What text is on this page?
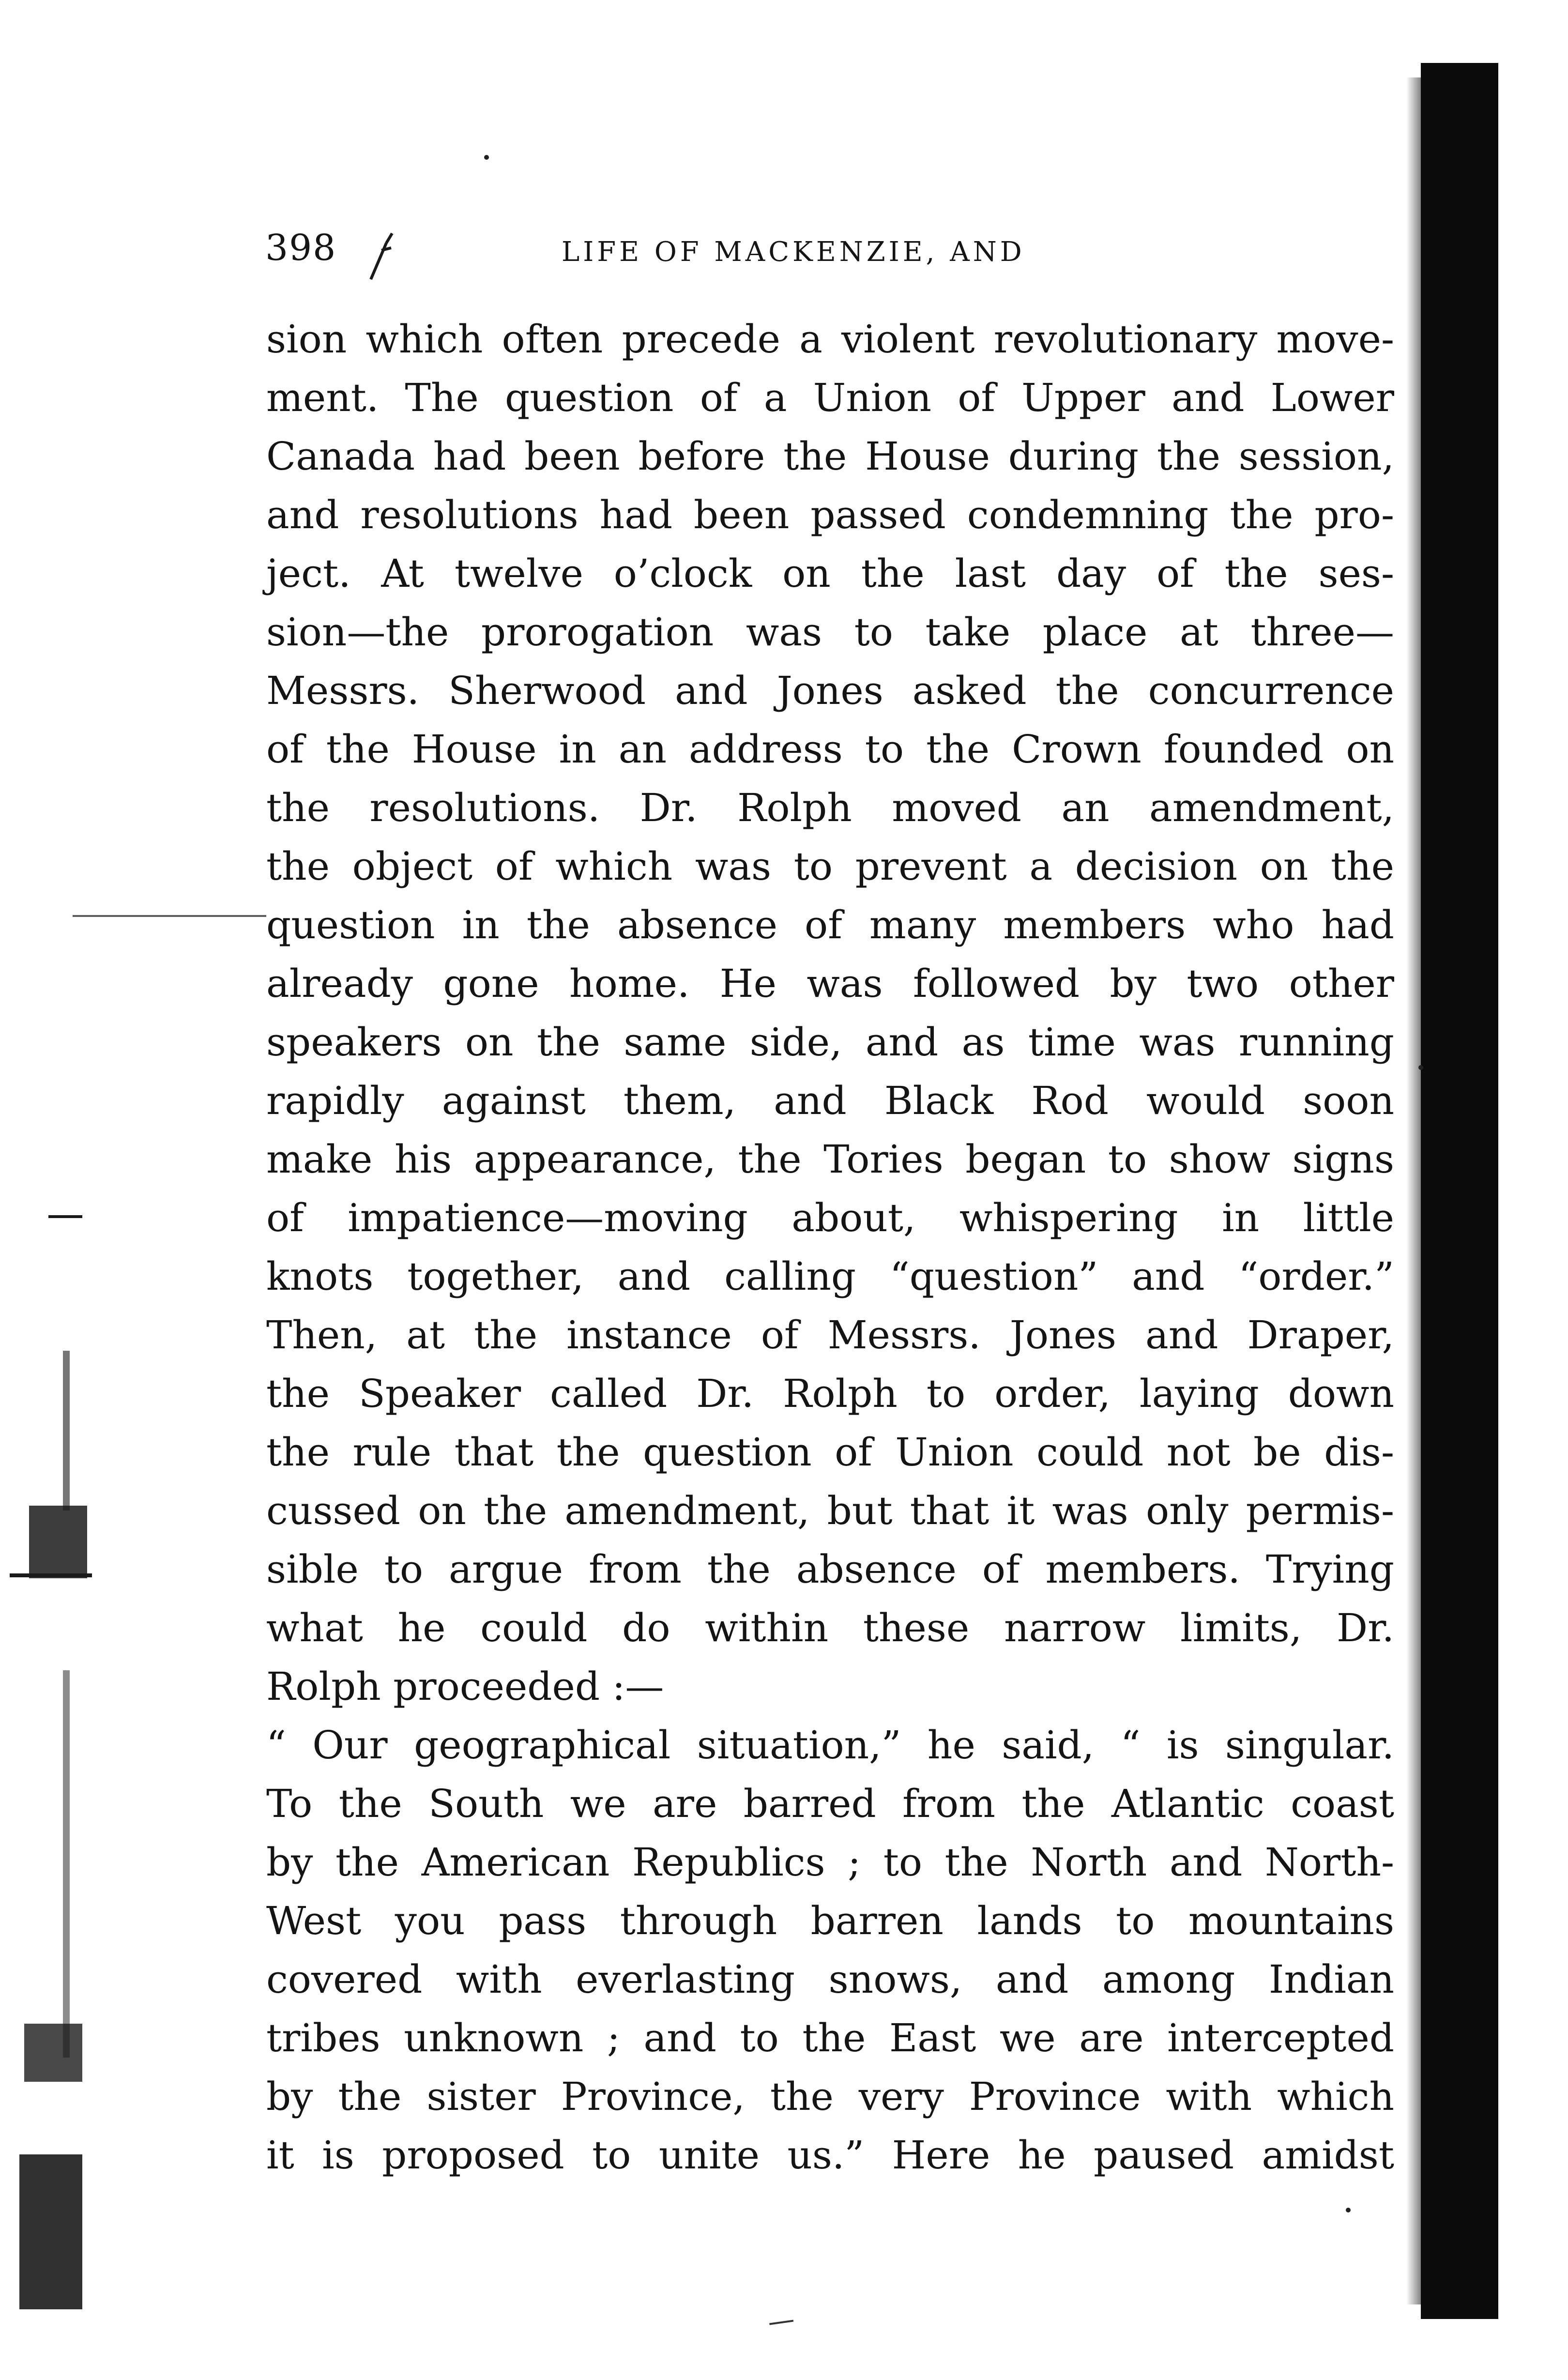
398	LIFE OF MACKENZIE, AND
sion which often precede a violent revolutionary move-
ment. The question of a Union of Upper and Lower
Canada had been before the House during the session,
and resolutions had been passed condemning the pro-
ject. At twelve o’clock on the last day of the ses-
sion—the prorogation was to take place at three—
Messrs. Sherwood and Jones asked the concurrence
of the House in an address to the Crown founded on
the resolutions. Dr. Rolph moved an amendment,
the object of which was to prevent a decision on the
question in the absence of many members who had
already gone home. He was followed by two other
speakers on the same side, and as time was running
rapidly against them, and Black Rod would soon
make his appearance, the Tories began to show signs
of impatience—moving about, whispering in little
knots together, and calling “question” and “order.”
Then, at the instance of Messrs. Jones and Draper,
the Speaker called Dr. Rolph to order, laying down
the rule that the question of Union could not be dis-
cussed on the amendment, but that it was only permis-
sible to argue from the absence of members. Trying
what he could do within these narrow limits, Dr.
Rolph proceeded :—
“ Our geographical situation,” he said, “ is singular.
To the South we are barred from the Atlantic coast
by the American Republics ; to the North and North-
West you pass through barren lands to mountains
covered with everlasting snows, and among Indian
tribes unknown ; and to the East we are intercepted
by the sister Province, the very Province with which
it is proposed to unite us.” Here he paused amidst
